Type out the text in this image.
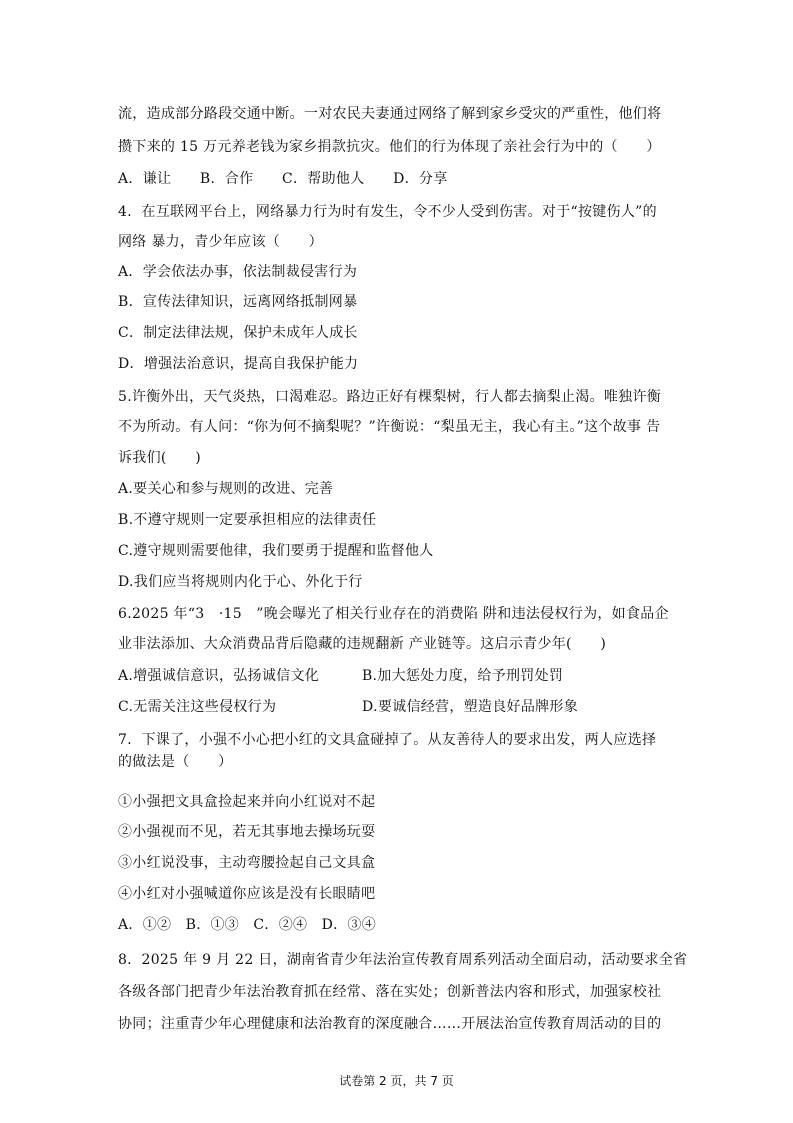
流，造成部分路段交通中断。一对农民夫妻通过网络了解到家乡受灾的严重性，他们将
攒下来的 15 万元养老钱为家乡捐款抗灾。他们的行为体现了亲社会行为中的（　　）
A．谦让　　B．合作　　C．帮助他人　　D．分享
4．在互联网平台上，网络暴力行为时有发生，令不少人受到伤害。对于“按键伤人”的
网络 暴力，青少年应该（　　）
A．学会依法办事，依法制裁侵害行为
B．宣传法律知识，远离网络抵制网暴
C．制定法律法规，保护未成年人成长
D．增强法治意识，提高自我保护能力
5.许衡外出，天气炎热，口渴难忍。路边正好有棵梨树，行人都去摘梨止渴。唯独许衡
不为所动。有人问：“你为何不摘梨呢？”许衡说：“梨虽无主，我心有主。”这个故事 告
诉我们(　　)
A.要关心和参与规则的改进、完善
B.不遵守规则一定要承担相应的法律责任
C.遵守规则需要他律，我们要勇于提醒和监督他人
D.我们应当将规则内化于心、外化于行
6.2025 年“3　·15　”晚会曝光了相关行业存在的消费陷 阱和违法侵权行为，如食品企
业非法添加、大众消费品背后隐藏的违规翻新 产业链等。这启示青少年(　　)
A.增强诚信意识，弘扬诚信文化　　　B.加大惩处力度，给予刑罚处罚
C.无需关注这些侵权行为　　　　　　D.要诚信经营，塑造良好品牌形象
7．下课了，小强不小心把小红的文具盒碰掉了。从友善待人的要求出发，两人应选择
的做法是（　　）
①小强把文具盒捡起来并向小红说对不起
②小强视而不见，若无其事地去操场玩耍
③小红说没事，主动弯腰捡起自己文具盒
④小红对小强喊道你应该是没有长眼睛吧
A．①②　B．①③　C．②④　D．③④
8．2025 年 9 月 22 日，湖南省青少年法治宣传教育周系列活动全面启动，活动要求全省
各级各部门把青少年法治教育抓在经常、落在实处；创新普法内容和形式，加强家校社
协同；注重青少年心理健康和法治教育的深度融合……开展法治宣传教育周活动的目的
试卷第 2 页，共 7 页
